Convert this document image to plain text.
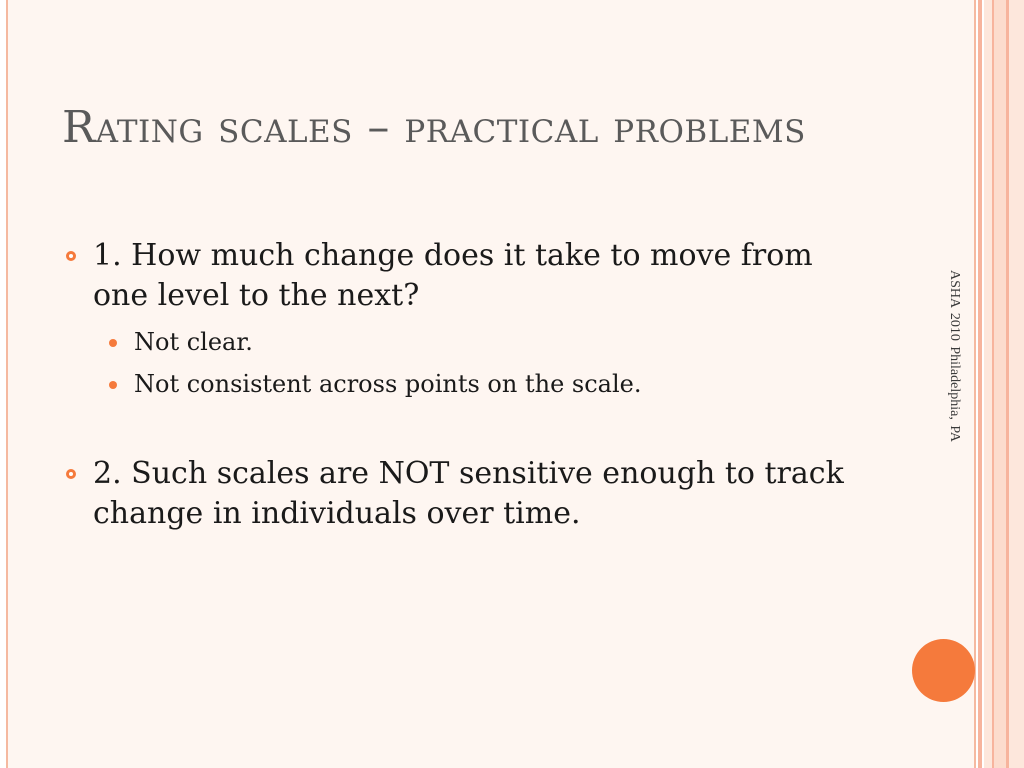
Rating scales – practical problems
1. How much change does it take to move from one level to the next?
Not clear.
Not consistent across points on the scale.
2. Such scales are NOT sensitive enough to track change in individuals over time.
ASHA 2010 Philadelphia, PA
